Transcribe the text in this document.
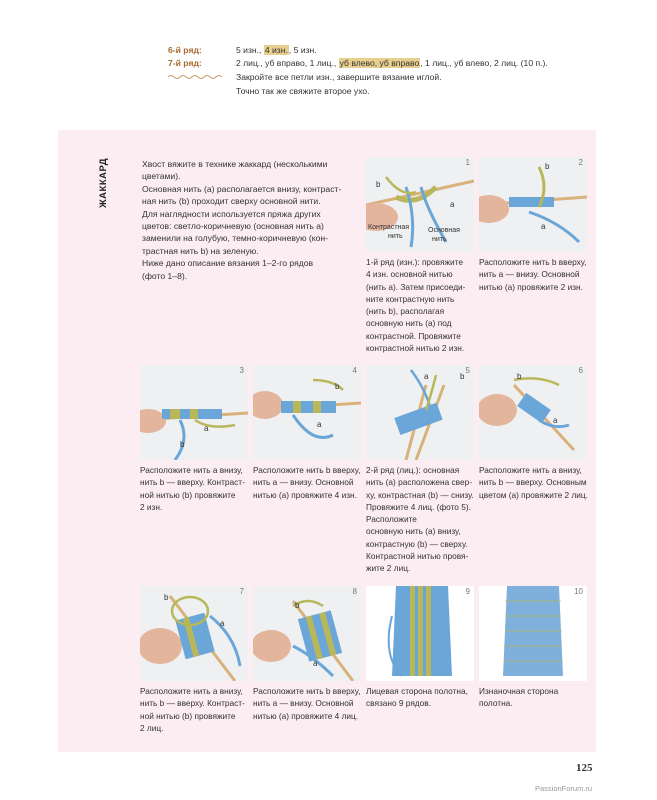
6-й ряд:	5 изн., 4 изн., 5 изн.
7-й ряд:	2 лиц., уб вправо, 1 лиц., уб влево, уб вправо, 1 лиц., уб влево, 2 лиц. (10 п.).
Закройте все петли изн., завершите вязание иглой.
Точно так же свяжите второе ухо.
ЖАККАРД	Хвост вяжите в технике жаккард (несколькими

цветами).

Основная нить (а) располагается внизу, контраст-

ная нить (b) проходит сверху основной нити.

Для наглядности используется пряжа других

цветов: светло-коричневую (основная нить а)

заменили на голубую, темно-коричневую (кон-

трастная нить b) на зеленую.

Ниже дано описание вязания 1–2-го рядов

(фото 1–8).

b
a
Контрастная
нить
Основная
нить
1	b
a
2
a
b
3
b
a
4
a	b
5
b
a
6
b
a
7
b
a
8	9	10

1-й ряд (изн.): провяжите

4 изн. основной нитью

(нить а). Затем присоеди-

ните контрастную нить

(нить b), располагая

основную нить (а) под

контрастной. Провяжите

контрастной нитью 2 изн.

Расположите нить b вверху,

нить а — внизу. Основной

нитью (а) провяжите 2 изн.

Расположите нить а внизу,

нить b — вверху. Контраст-

ной нитью (b) провяжите

2 изн.

Расположите нить b вверху,

нить а — внизу. Основной

нитью (а) провяжите 4 изн.

2-й ряд (лиц.): основная

нить (а) расположена свер-

ху, контрастная (b) — снизу.

Провяжите 4 лиц. (фото 5).

Расположите

основную нить (а) внизу,

контрастную (b) — сверху.

Контрастной нитью провя-

жите 2 лиц.

Расположите нить а внизу,

нить b — вверху. Основным

цветом (а) провяжите 2 лиц.

Расположите нить а внизу,

нить b — вверху. Контраст-

ной нитью (b) провяжите

2 лиц.

Расположите нить b вверху,

нить а — внизу. Основной

нитью (а) провяжите 4 лиц.

Лицевая сторона полотна,

связано 9 рядов.

Изнаночная сторона

полотна.

125
PassionForum.ru
